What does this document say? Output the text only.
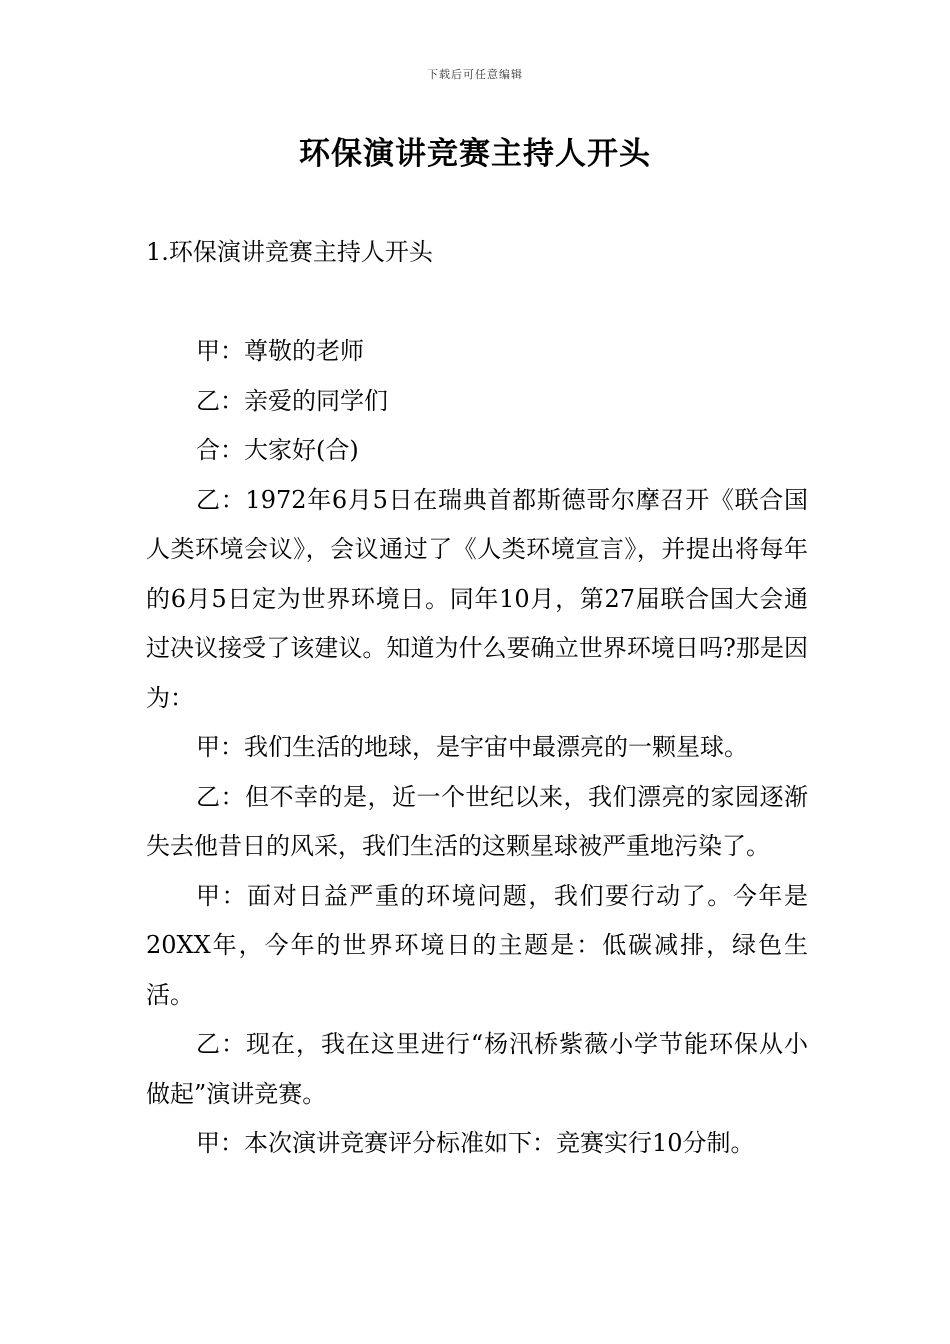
下载后可任意编辑
环保演讲竞赛主持人开头
1.环保演讲竞赛主持人开头

甲：尊敬的老师

乙：亲爱的同学们

合：大家好(合)

乙：1972年6月5日在瑞典首都斯德哥尔摩召开《联合国人类环境会议》，会议通过了《人类环境宣言》，并提出将每年的6月5日定为世界环境日。同年10月，第27届联合国大会通过决议接受了该建议。知道为什么要确立世界环境日吗?那是因为：

甲：我们生活的地球，是宇宙中最漂亮的一颗星球。

乙：但不幸的是，近一个世纪以来，我们漂亮的家园逐渐失去他昔日的风采，我们生活的这颗星球被严重地污染了。

甲：面对日益严重的环境问题，我们要行动了。今年是20XX年，今年的世界环境日的主题是：低碳减排，绿色生活。

乙：现在，我在这里进行“杨汛桥紫薇小学节能环保从小做起”演讲竞赛。

甲：本次演讲竞赛评分标准如下：竞赛实行10分制。
